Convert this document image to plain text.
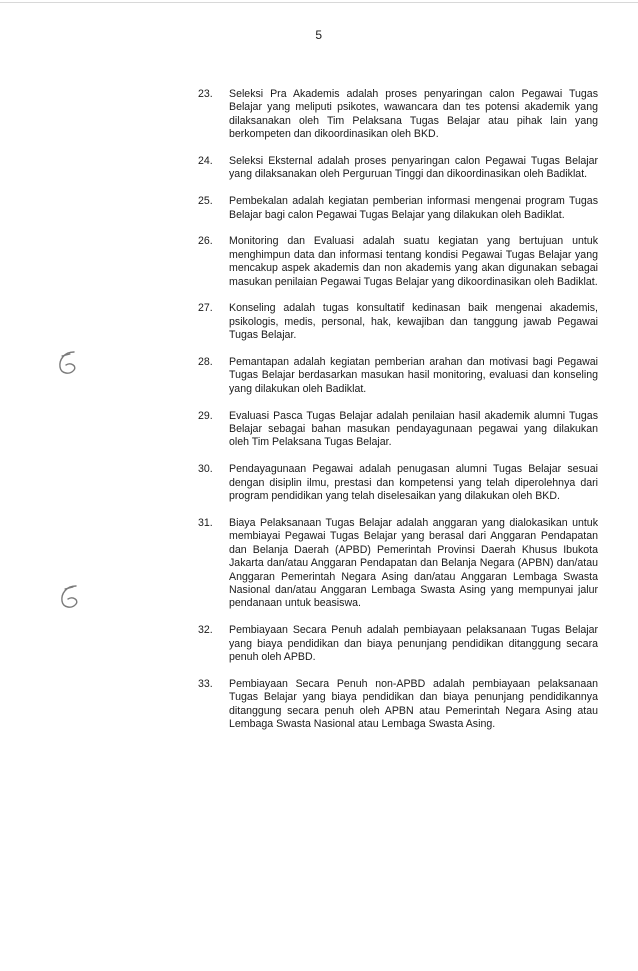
5
23. Seleksi Pra Akademis adalah proses penyaringan calon Pegawai Tugas Belajar yang meliputi psikotes, wawancara dan tes potensi akademik yang dilaksanakan oleh Tim Pelaksana Tugas Belajar atau pihak lain yang berkompeten dan dikoordinasikan oleh BKD.
24. Seleksi Eksternal adalah proses penyaringan calon Pegawai Tugas Belajar yang dilaksanakan oleh Perguruan Tinggi dan dikoordinasikan oleh Badiklat.
25. Pembekalan adalah kegiatan pemberian informasi mengenai program Tugas Belajar bagi calon Pegawai Tugas Belajar yang dilakukan oleh Badiklat.
26. Monitoring dan Evaluasi adalah suatu kegiatan yang bertujuan untuk menghimpun data dan informasi tentang kondisi Pegawai Tugas Belajar yang mencakup aspek akademis dan non akademis yang akan digunakan sebagai masukan penilaian Pegawai Tugas Belajar yang dikoordinasikan oleh Badiklat.
27. Konseling adalah tugas konsultatif kedinasan baik mengenai akademis, psikologis, medis, personal, hak, kewajiban dan tanggung jawab Pegawai Tugas Belajar.
28. Pemantapan adalah kegiatan pemberian arahan dan motivasi bagi Pegawai Tugas Belajar berdasarkan masukan hasil monitoring, evaluasi dan konseling yang dilakukan oleh Badiklat.
29. Evaluasi Pasca Tugas Belajar adalah penilaian hasil akademik alumni Tugas Belajar sebagai bahan masukan pendayagunaan pegawai yang dilakukan oleh Tim Pelaksana Tugas Belajar.
30. Pendayagunaan Pegawai adalah penugasan alumni Tugas Belajar sesuai dengan disiplin ilmu, prestasi dan kompetensi yang telah diperolehnya dari program pendidikan yang telah diselesaikan yang dilakukan oleh BKD.
31. Biaya Pelaksanaan Tugas Belajar adalah anggaran yang dialokasikan untuk membiayai Pegawai Tugas Belajar yang berasal dari Anggaran Pendapatan dan Belanja Daerah (APBD) Pemerintah Provinsi Daerah Khusus Ibukota Jakarta dan/atau Anggaran Pendapatan dan Belanja Negara (APBN) dan/atau Anggaran Pemerintah Negara Asing dan/atau Anggaran Lembaga Swasta Nasional dan/atau Anggaran Lembaga Swasta Asing yang mempunyai jalur pendanaan untuk beasiswa.
32. Pembiayaan Secara Penuh adalah pembiayaan pelaksanaan Tugas Belajar yang biaya pendidikan dan biaya penunjang pendidikan ditanggung secara penuh oleh APBD.
33. Pembiayaan Secara Penuh non-APBD adalah pembiayaan pelaksanaan Tugas Belajar yang biaya pendidikan dan biaya penunjang pendidikannya ditanggung secara penuh oleh APBN atau Pemerintah Negara Asing atau Lembaga Swasta Nasional atau Lembaga Swasta Asing.
